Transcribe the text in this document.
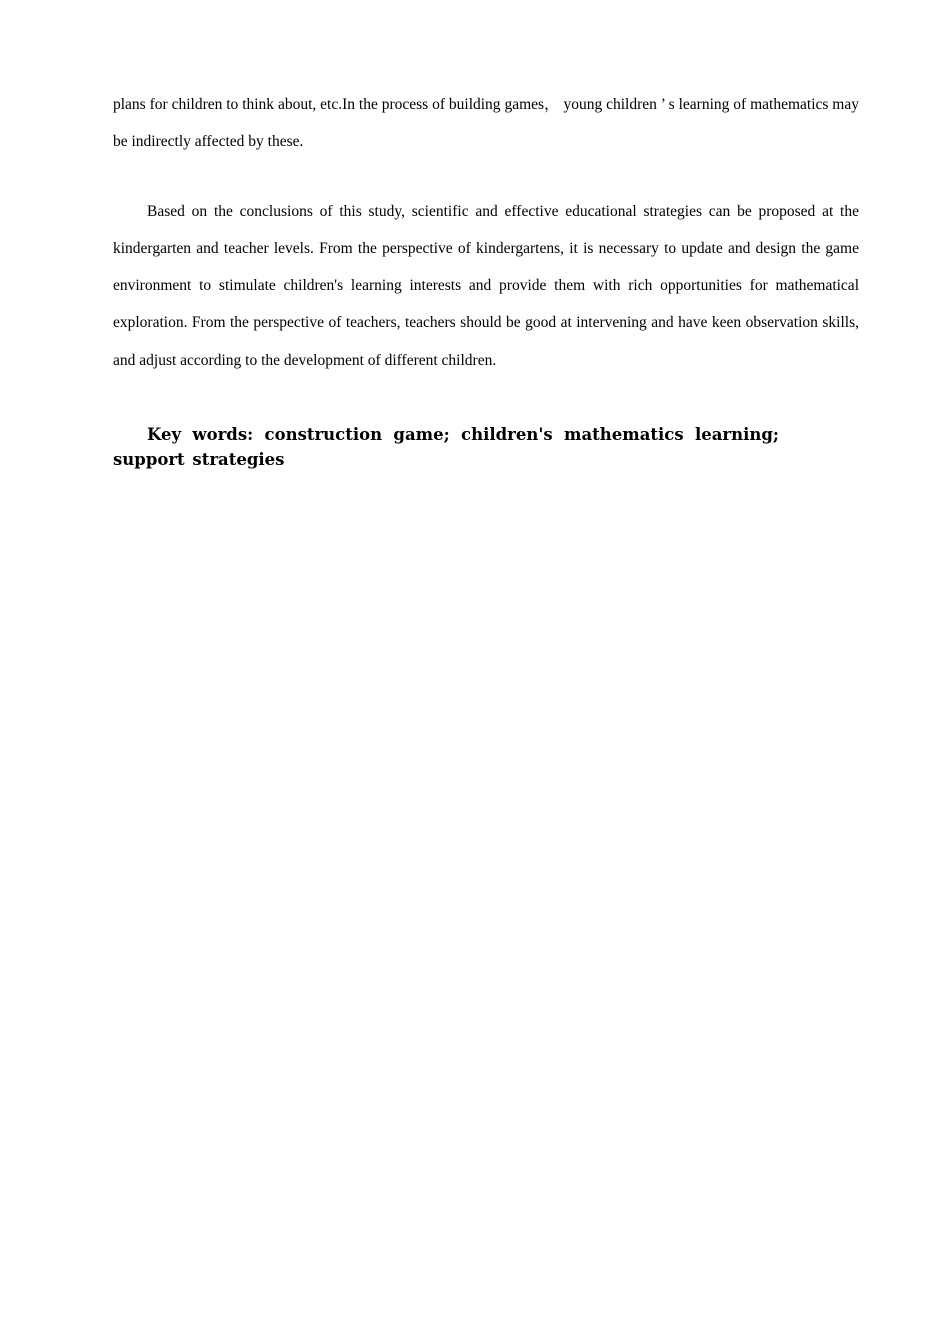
plans for children to think about, etc.In the process of building games， young children ’ s learning of mathematics may be indirectly affected by these.

Based on the conclusions of this study, scientific and effective educational strategies can be proposed at the kindergarten and teacher levels. From the perspective of kindergartens, it is necessary to update and design the game environment to stimulate children's learning interests and provide them with rich opportunities for mathematical exploration. From the perspective of teachers, teachers should be good at intervening and have keen observation skills, and adjust according to the development of different children.

Key words: construction game; children's mathematics learning; support strategies
